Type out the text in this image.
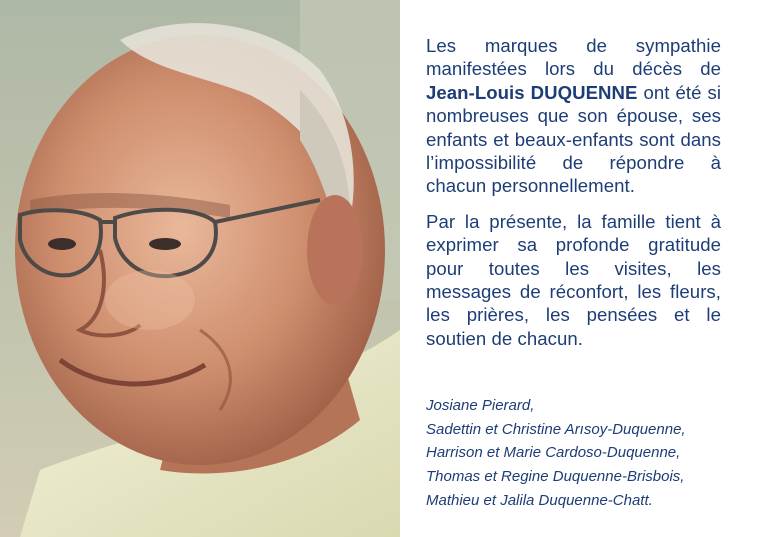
Les marques de sympathie manifestées lors du décès de Jean-Louis DUQUENNE ont été si nombreuses que son épouse, ses enfants et beaux-enfants sont dans l’impossibilité de répondre à chacun personnellement.

Par la présente, la famille tient à exprimer sa profonde gratitude pour toutes les visites, les messages de réconfort, les fleurs, les prières, les pensées et le soutien de chacun.

Josiane Pierard,
Sadettin et Christine Arısoy-Duquenne,
Harrison et Marie Cardoso-Duquenne,
Thomas et Regine Duquenne-Brisbois,
Mathieu et Jalila Duquenne-Chatt.
